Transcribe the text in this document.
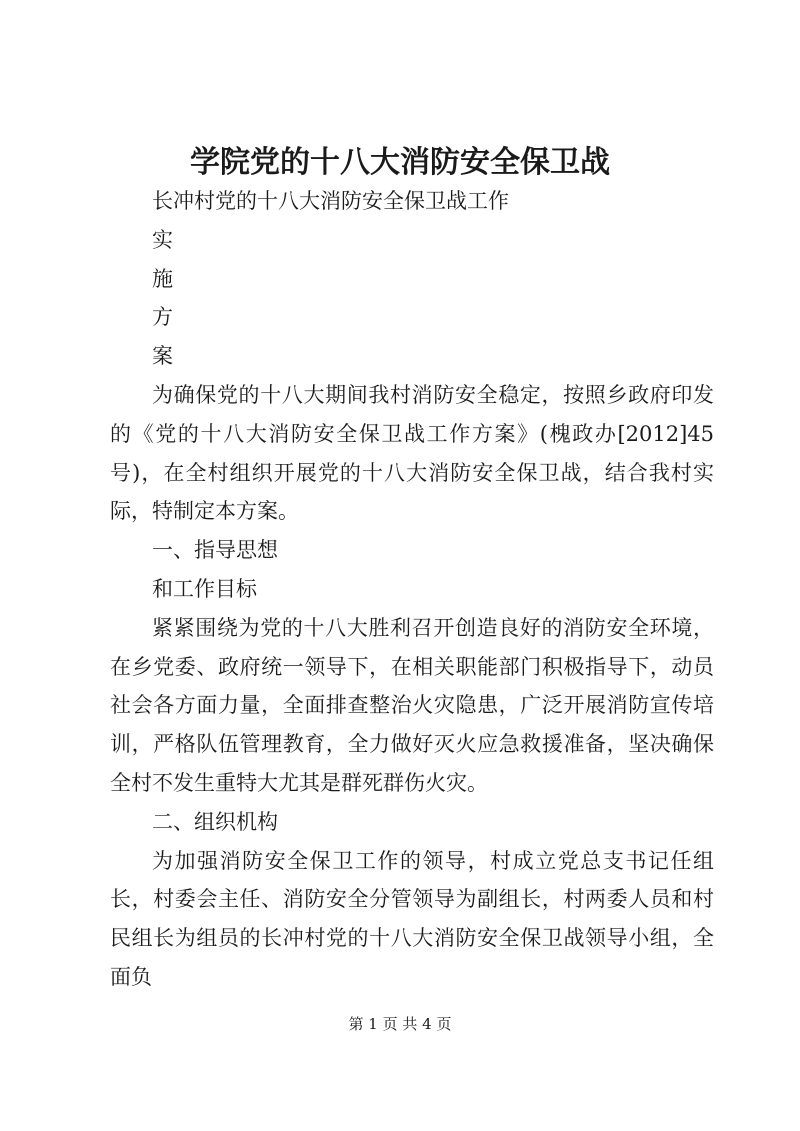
学院党的十八大消防安全保卫战

长冲村党的十八大消防安全保卫战工作

实

施

方

案

为确保党的十八大期间我村消防安全稳定，按照乡政府印发的《党的十八大消防安全保卫战工作方案》(槐政办[2012]45号)，在全村组织开展党的十八大消防安全保卫战，结合我村实际，特制定本方案。

一、指导思想

和工作目标

紧紧围绕为党的十八大胜利召开创造良好的消防安全环境，在乡党委、政府统一领导下，在相关职能部门积极指导下，动员社会各方面力量，全面排查整治火灾隐患，广泛开展消防宣传培训，严格队伍管理教育，全力做好灭火应急救援准备，坚决确保全村不发生重特大尤其是群死群伤火灾。

二、组织机构

为加强消防安全保卫工作的领导，村成立党总支书记任组长，村委会主任、消防安全分管领导为副组长，村两委人员和村民组长为组员的长冲村党的十八大消防安全保卫战领导小组，全面负

第 1 页 共 4 页
